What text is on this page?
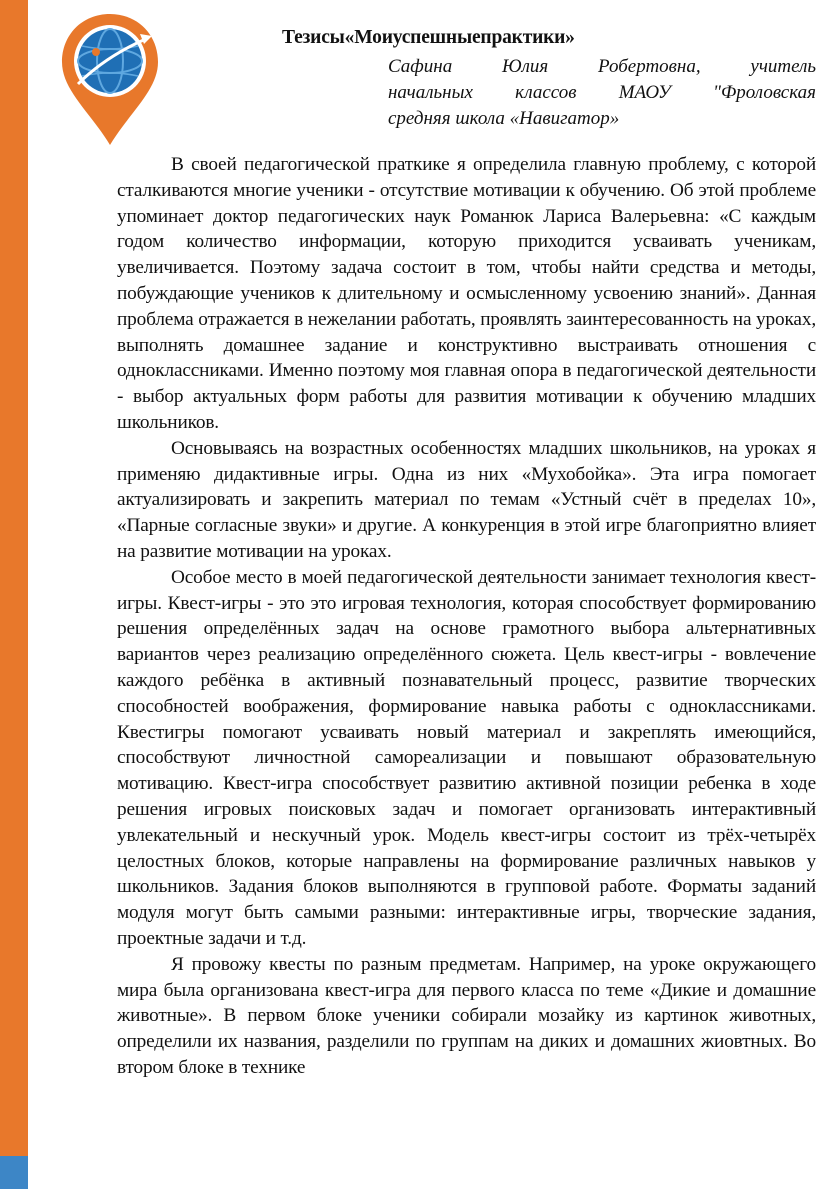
Тезисы«Моиуспешныепрактики»
Сафина Юлия Робертовна, учитель
начальных классов МАОУ "Фроловская
средняя школа «Навигатор»

В своей педагогической праткике я определила главную проблему, с которой сталкиваются многие ученики - отсутствие мотивации к обучению. Об этой проблеме упоминает доктор педагогических наук Романюк Лариса Валерьевна: «С каждым годом количество информации, которую приходится усваивать ученикам, увеличивается. Поэтому задача состоит в том, чтобы найти средства и методы, побуждающие учеников к длительному и осмысленному усвоению знаний». Данная проблема отражается в нежелании работать, проявлять заинтересованность на уроках, выполнять домашнее задание и конструктивно выстраивать отношения с одноклассниками. Именно поэтому моя главная опора в педагогической деятельности - выбор актуальных форм работы для развития мотивации к обучению младших школьников.

Основываясь на возрастных особенностях младших школьников, на уроках я применяю дидактивные игры. Одна из них «Мухобойка». Эта игра помогает актуализировать и закрепить материал по темам «Устный счёт в пределах 10», «Парные согласные звуки» и другие. А конкуренция в этой игре благоприятно влияет на развитие мотивации на уроках.

Особое место в моей педагогической деятельности занимает технология квест-игры. Квест-игры - это это игровая технология, которая способствует формированию решения определённых задач на основе грамотного выбора альтернативных вариантов через реализацию определённого сюжета. Цель квест-игры - вовлечение каждого ребёнка в активный познавательный процесс, развитие творческих способностей воображения, формирование навыка работы с одноклассниками. Квестигры помогают усваивать новый материал и закреплять имеющийся, способствуют личностной самореализации и повышают образовательную мотивацию. Квест-игра способствует развитию активной позиции ребенка в ходе решения игровых поисковых задач и помогает организовать интерактивный увлекательный и нескучный урок. Модель квест-игры состоит из трёх-четырёх целостных блоков, которые направлены на формирование различных навыков у школьников. Задания блоков выполняются в групповой работе. Форматы заданий модуля могут быть самыми разными: интерактивные игры, творческие задания, проектные задачи и т.д.

Я провожу квесты по разным предметам. Например, на уроке окружающего мира была организована квест-игра для первого класса по теме «Дикие и домашние животные». В первом блоке ученики собирали мозайку из картинок животных, определили их названия, разделили по группам на диких и домашних жиовтных. Во втором блоке в технике
